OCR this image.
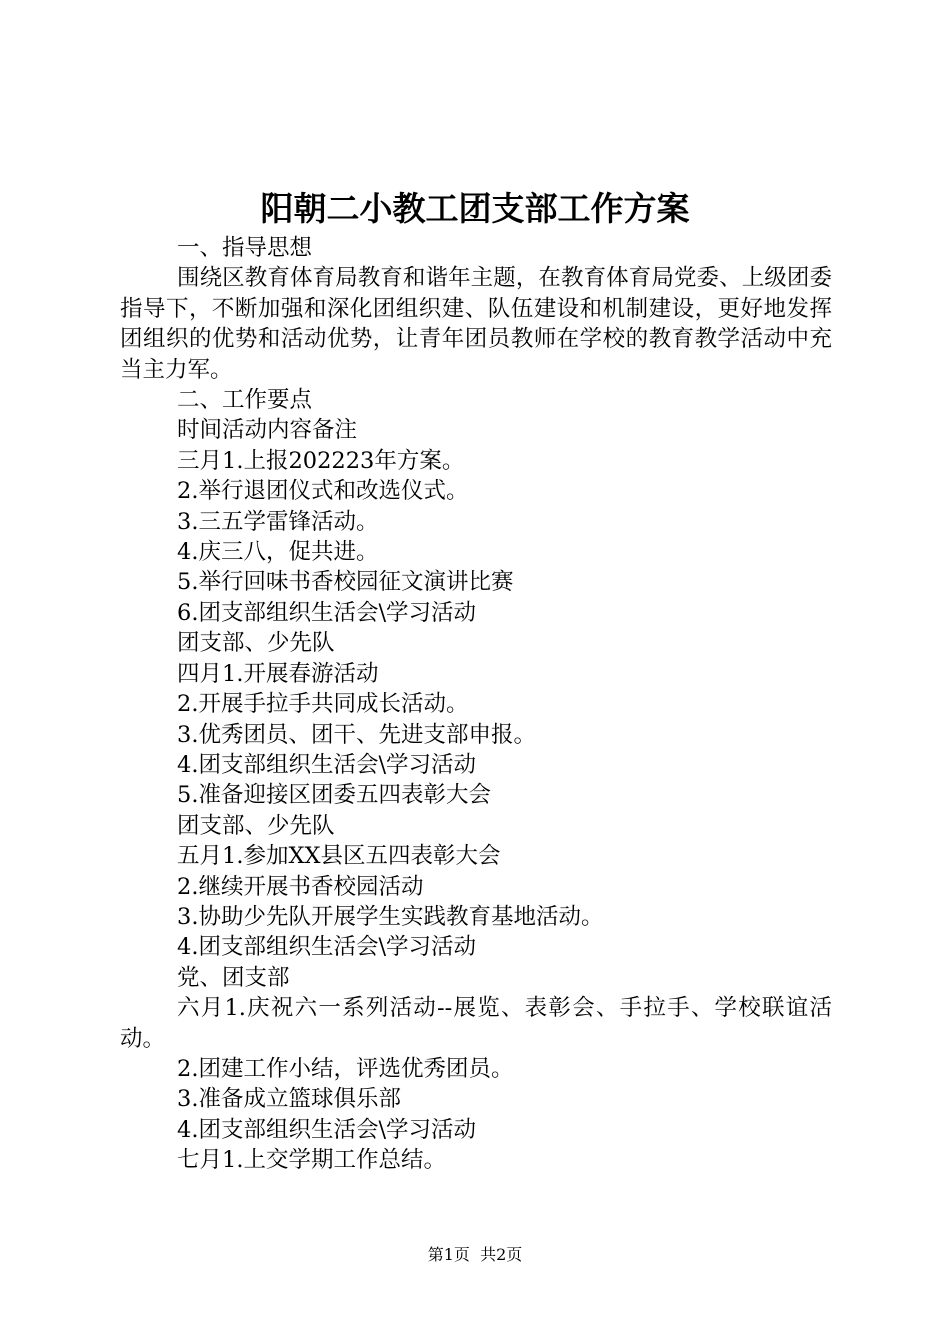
阳朝二小教工团支部工作方案

一、指导思想

围绕区教育体育局教育和谐年主题，在教育体育局党委、上级团委指导下，不断加强和深化团组织建、队伍建设和机制建设，更好地发挥团组织的优势和活动优势，让青年团员教师在学校的教育教学活动中充当主力军。

二、工作要点

时间活动内容备注

三月1.上报202223年方案。

2.举行退团仪式和改选仪式。

3.三五学雷锋活动。

4.庆三八，促共进。

5.举行回味书香校园征文演讲比赛

6.团支部组织生活会\学习活动

团支部、少先队

四月1.开展春游活动

2.开展手拉手共同成长活动。

3.优秀团员、团干、先进支部申报。

4.团支部组织生活会\学习活动

5.准备迎接区团委五四表彰大会

团支部、少先队

五月1.参加XX县区五四表彰大会

2.继续开展书香校园活动

3.协助少先队开展学生实践教育基地活动。

4.团支部组织生活会\学习活动

党、团支部

六月1.庆祝六一系列活动--展览、表彰会、手拉手、学校联谊活动。

2.团建工作小结，评选优秀团员。

3.准备成立篮球俱乐部

4.团支部组织生活会\学习活动

七月1.上交学期工作总结。

第1页 共2页
